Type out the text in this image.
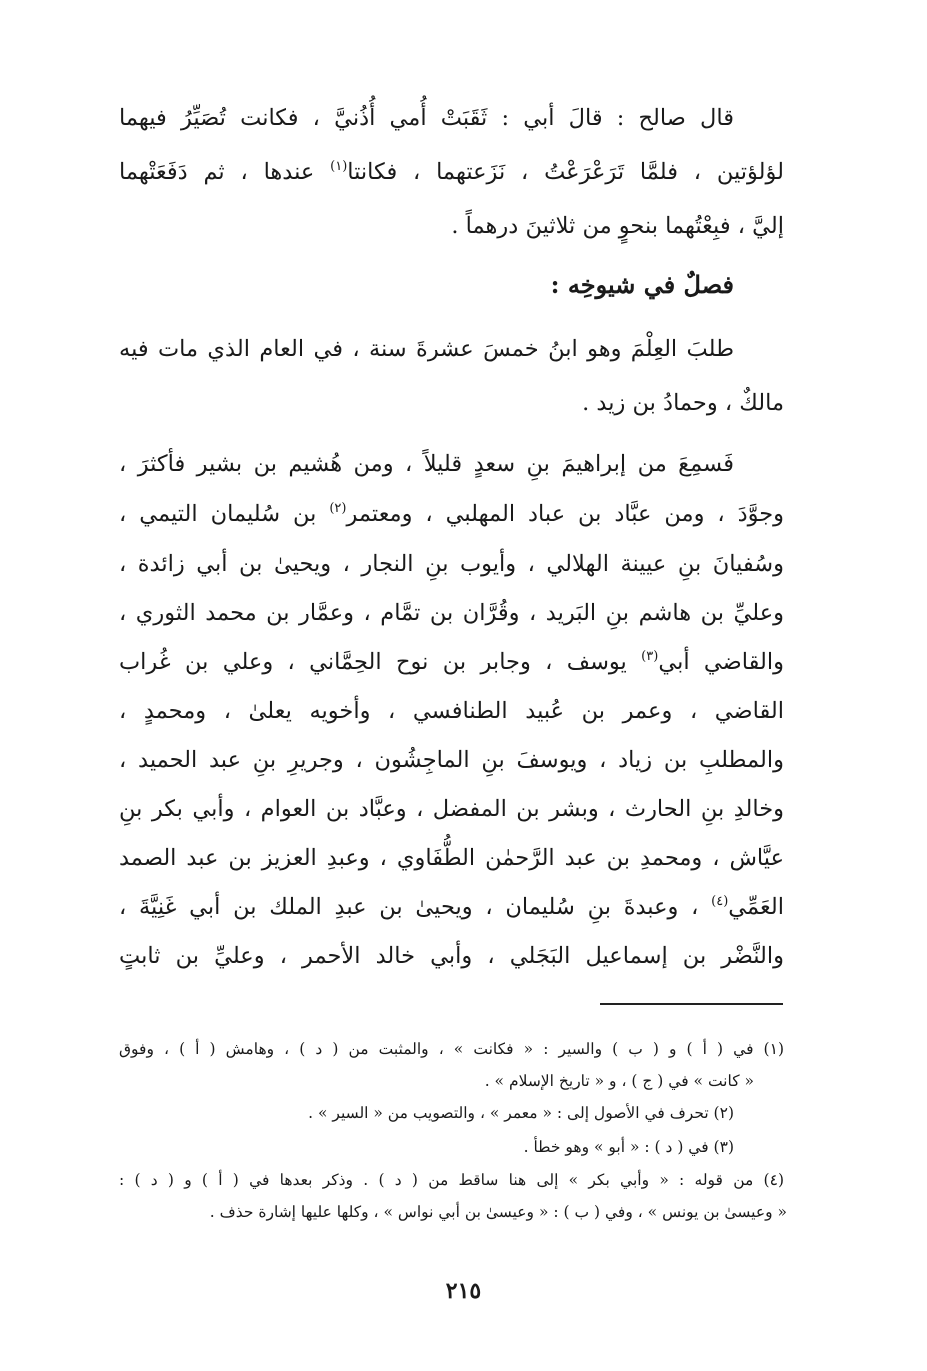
قال صالح : قالَ أبي : ثَقَبَتْ أُمي أُذُنيَّ ، فكانت تُصَيِّرُ فيهما
لؤلؤتين ، فلمَّا تَرَعْرَعْتُ ، نَزَعتهما ، فكانتا$^{(١)}$ عندها ، ثم دَفَعَتْهما
إليَّ ، فبِعْتُهما بنحوٍ من ثلاثينَ درهماً .
فصلٌ في شيوخِه :
طلبَ العِلْمَ وهو ابنُ خمسَ عشرةَ سنة ، في العام الذي مات فيه
مالكٌ ، وحمادُ بن زيد .
فَسمِعَ من إبراهيمَ بنِ سعدٍ قليلاً ، ومن هُشيم بن بشير فأكثرَ ،
وجوَّدَ ، ومن عبَّاد بن عباد المهلبي ، ومعتمر$^{(٢)}$ بن سُليمان التيمي ،
وسُفيانَ بنِ عيينة الهلالي ، وأيوب بنِ النجار ، ويحيىٰ بن أبي زائدة ،
وعليِّ بن هاشم بنِ البَريد ، وقُرَّان بن تمَّام ، وعمَّار بن محمد الثوري ،
والقاضي أبي$^{(٣)}$ يوسف ، وجابر بن نوح الحِمَّاني ، وعلي بن غُراب
القاضي ، وعمر بن عُبيد الطنافسي ، وأخويه يعلىٰ ، ومحمدٍ ،
والمطلبِ بن زياد ، ويوسفَ بنِ الماجِشُون ، وجريرِ بنِ عبد الحميد ،
وخالدِ بنِ الحارث ، وبشر بن المفضل ، وعبَّاد بن العوام ، وأبي بكر بنِ
عيَّاش ، ومحمدِ بن عبد الرَّحمٰن الطُّفَاوي ، وعبدِ العزيز بن عبد الصمد
العَمِّي$^{(٤)}$ ، وعبدةَ بنِ سُليمان ، ويحيىٰ بن عبدِ الملك بن أبي غَنِيَّةَ ،
والنَّضْر بن إسماعيل البَجَلي ، وأبي خالد الأحمر ، وعليِّ بن ثابتٍ
(١) في ( أ ) و ( ب ) والسير : « فكانت » ، والمثبت من ( د ) ، وهامش ( أ ) ، وفوق
« كانت » في ( ج ) ، و « تاريخ الإسلام » .
(٢) تحرف في الأصول إلى : « معمر » ، والتصويب من « السير » .
(٣) في ( د ) : « أبو » وهو خطأ .
(٤) من قوله : « وأبي بكر » إلى هنا ساقط من ( د ) . وذكر بعدها في ( أ ) و ( د ) :
« وعيسىٰ بن يونس » ، وفي ( ب ) : « وعيسىٰ بن أبي نواس » ، وكلها عليها إشارة حذف .
٢١٥
